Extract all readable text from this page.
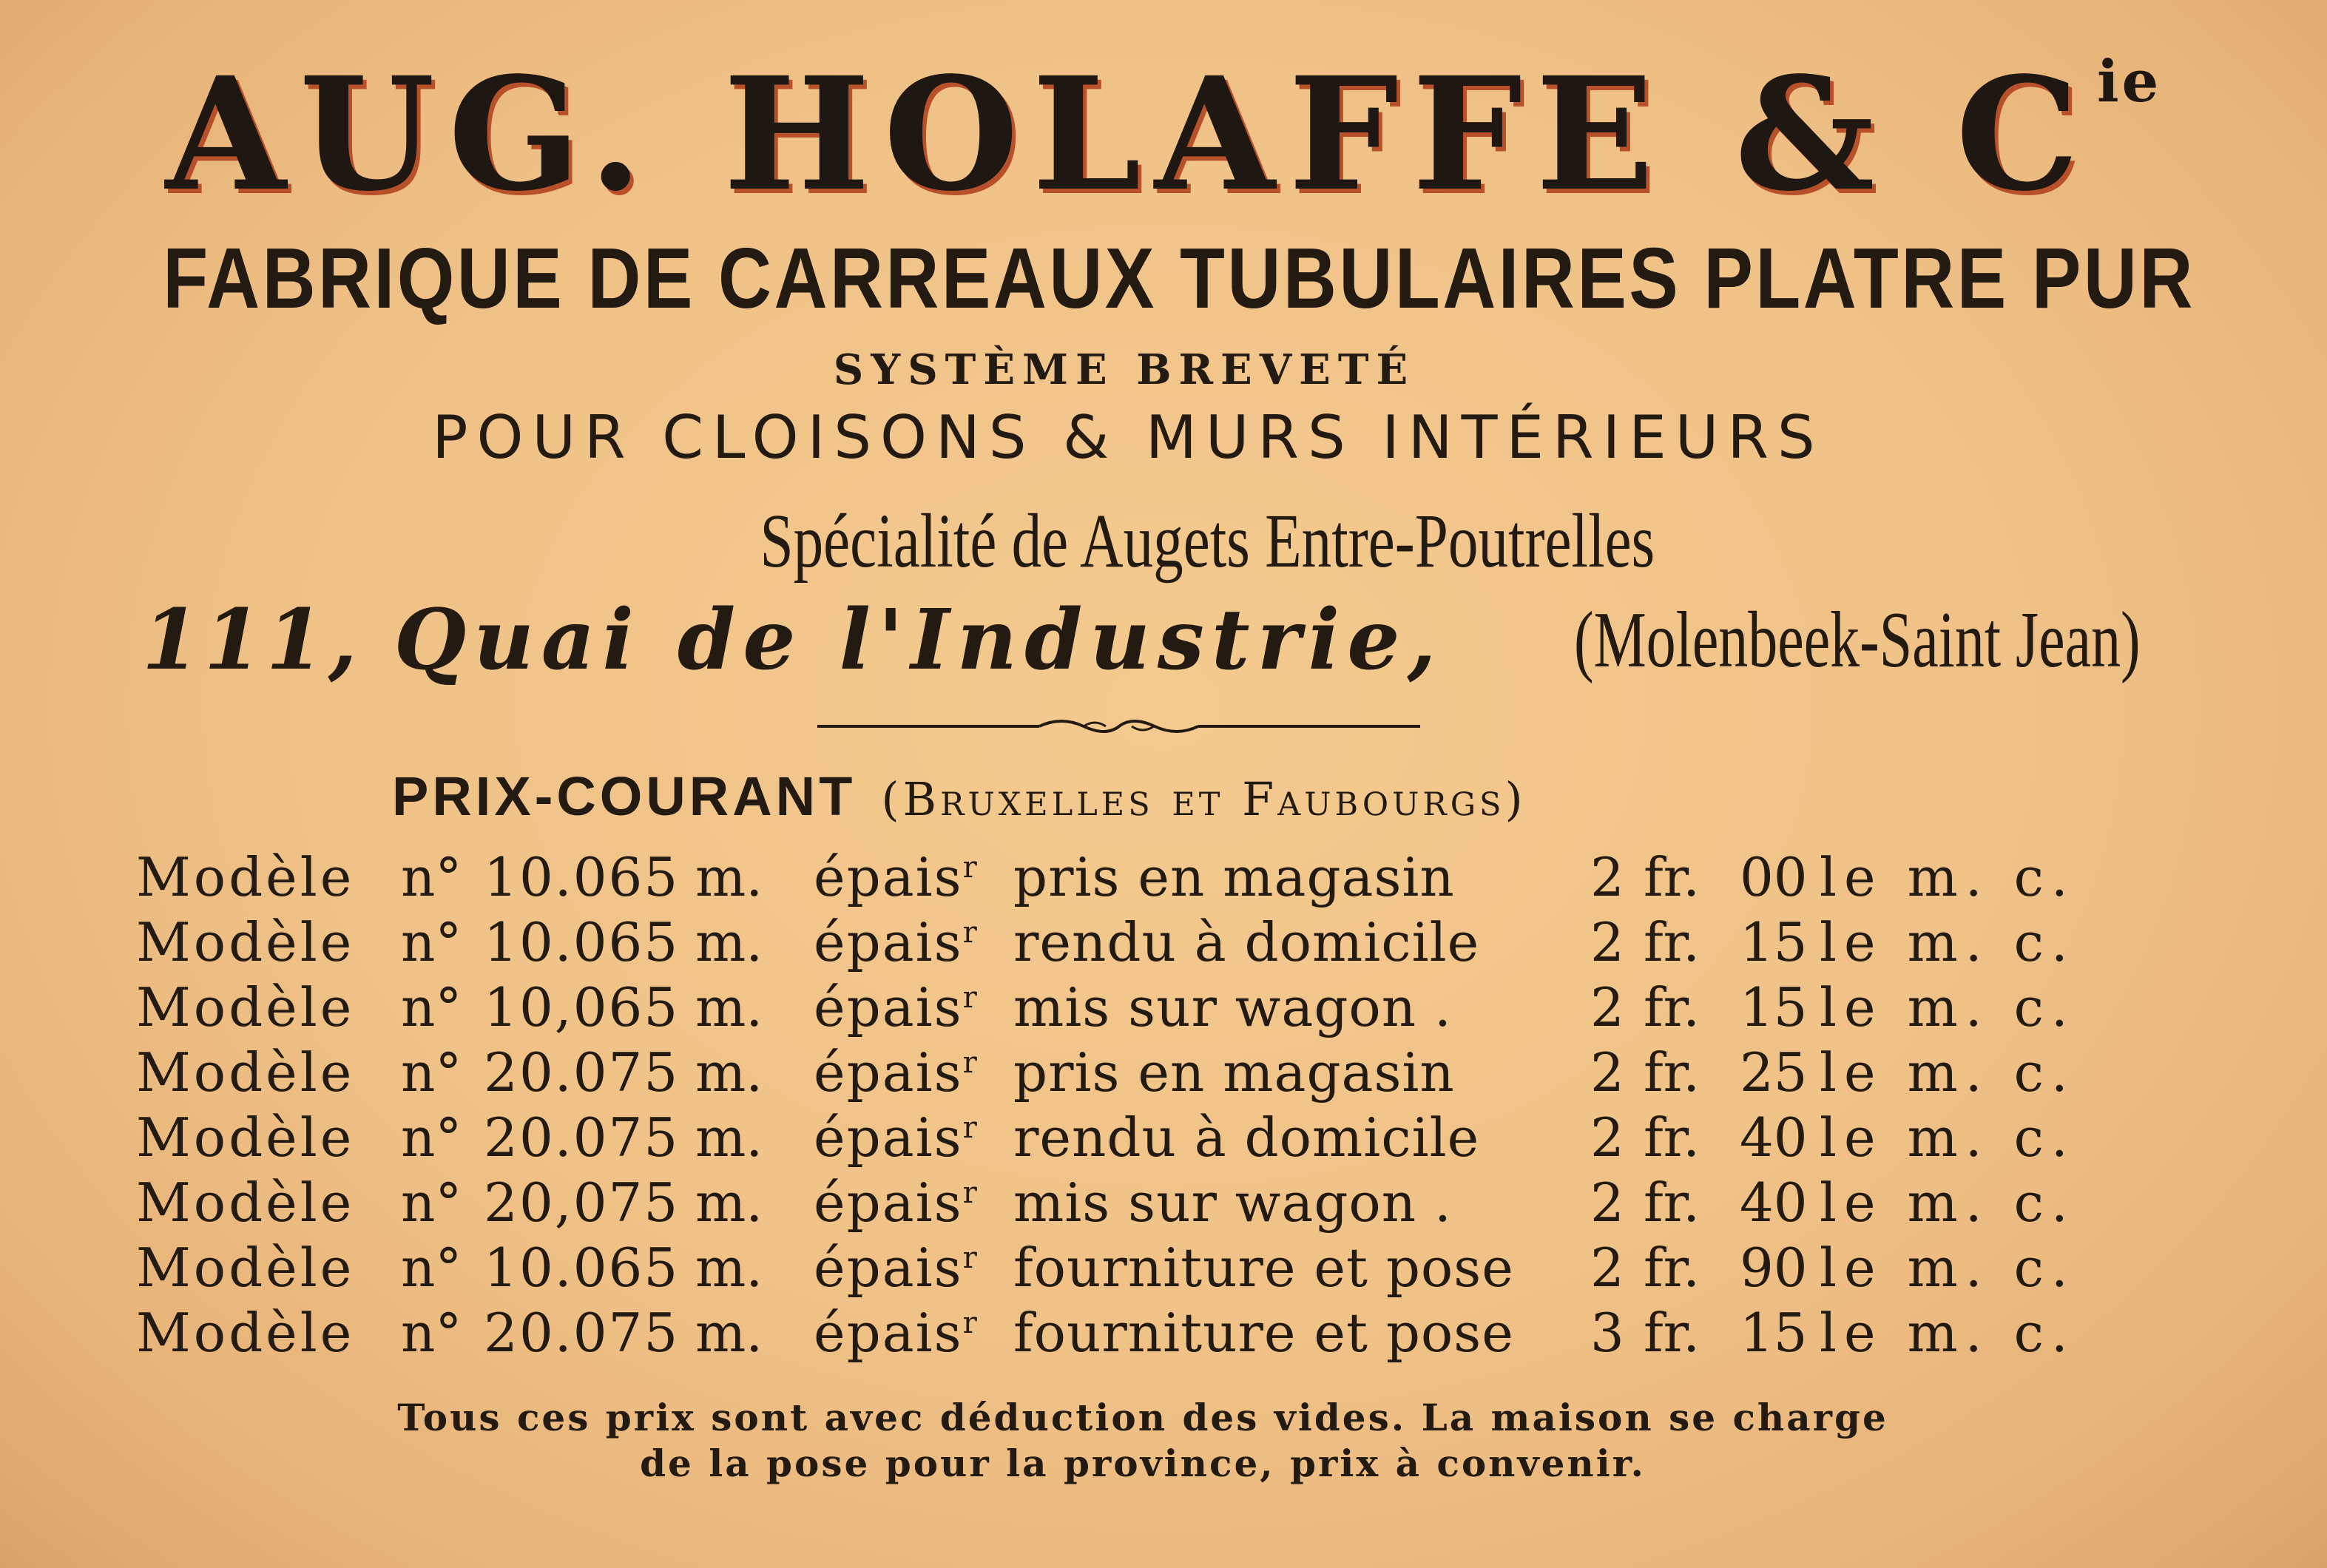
AUG. HOLAFFE & $C^{ie}$
FABRIQUE DE CARREAUX TUBULAIRES PLATRE PUR
SYSTÈME BREVETÉ
POUR CLOISONS & MURS INTÉRIEURS
Spécialité de Augets Entre-Poutrelles
111, Quai de l'Industrie, (Molenbeek-Saint Jean)
PRIX-COURANT (Bruxelles et Faubourgs)
Modèle	n°	1	0.065	m.	épais$^r$	pris en magasin	2	fr.	00	le m. c.
Modèle	n°	1	0.065	m.	épais$^r$	rendu à domicile	2	fr.	15	le m. c.
Modèle	n°	1	0,065	m.	épais$^r$	mis sur wagon .	2	fr.	15	le m. c.
Modèle	n°	2	0.075	m.	épais$^r$	pris en magasin	2	fr.	25	le m. c.
Modèle	n°	2	0.075	m.	épais$^r$	rendu à domicile	2	fr.	40	le m. c.
Modèle	n°	2	0,075	m.	épais$^r$	mis sur wagon .	2	fr.	40	le m. c.
Modèle	n°	1	0.065	m.	épais$^r$	fourniture et pose	2	fr.	90	le m. c.
Modèle	n°	2	0.075	m.	épais$^r$	fourniture et pose	3	fr.	15	le m. c.
Tous ces prix sont avec déduction des vides. La maison se charge
de la pose pour la province, prix à convenir.
